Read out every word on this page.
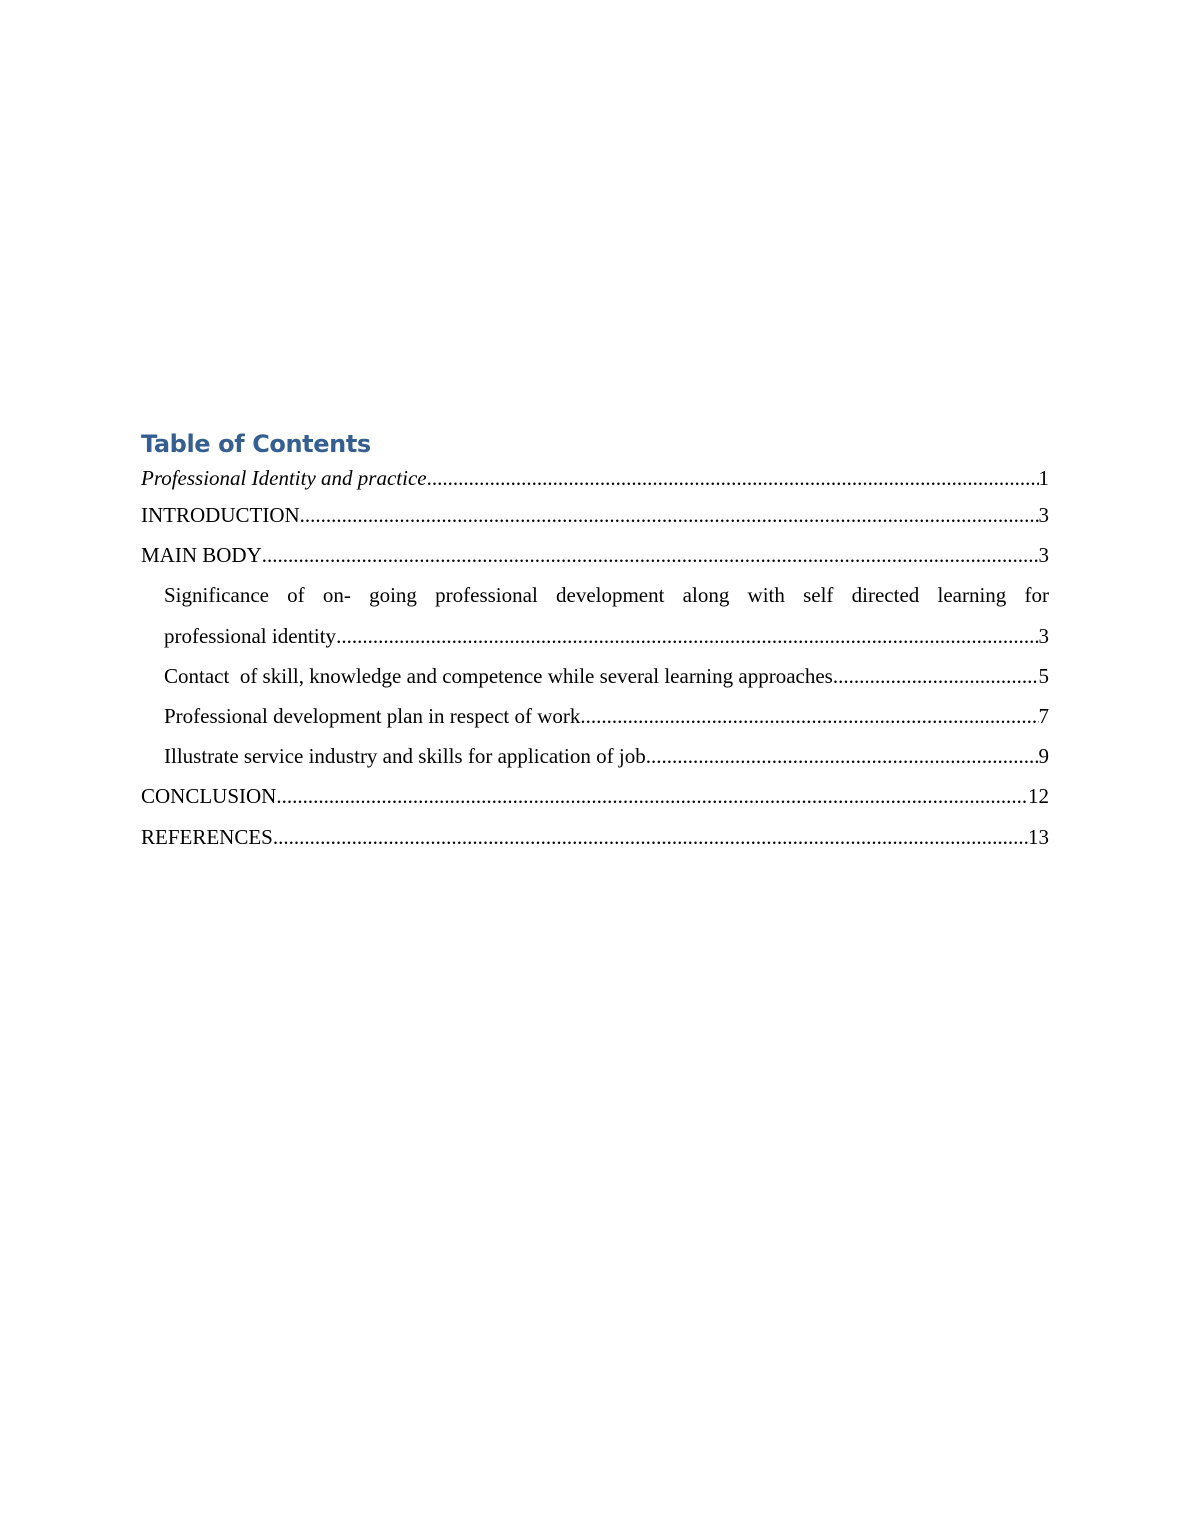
Table of Contents
Professional Identity and practice .....	1
INTRODUCTION .....	3
MAIN BODY .....	3
Significance of on- going professional development along with self directed learning for
professional identity .....	3
Contact  of skill, knowledge and competence while several learning approaches .....	5
Professional development plan in respect of work .....	7
Illustrate service industry and skills for application of job .....	9
CONCLUSION .....	12
REFERENCES .....	13
